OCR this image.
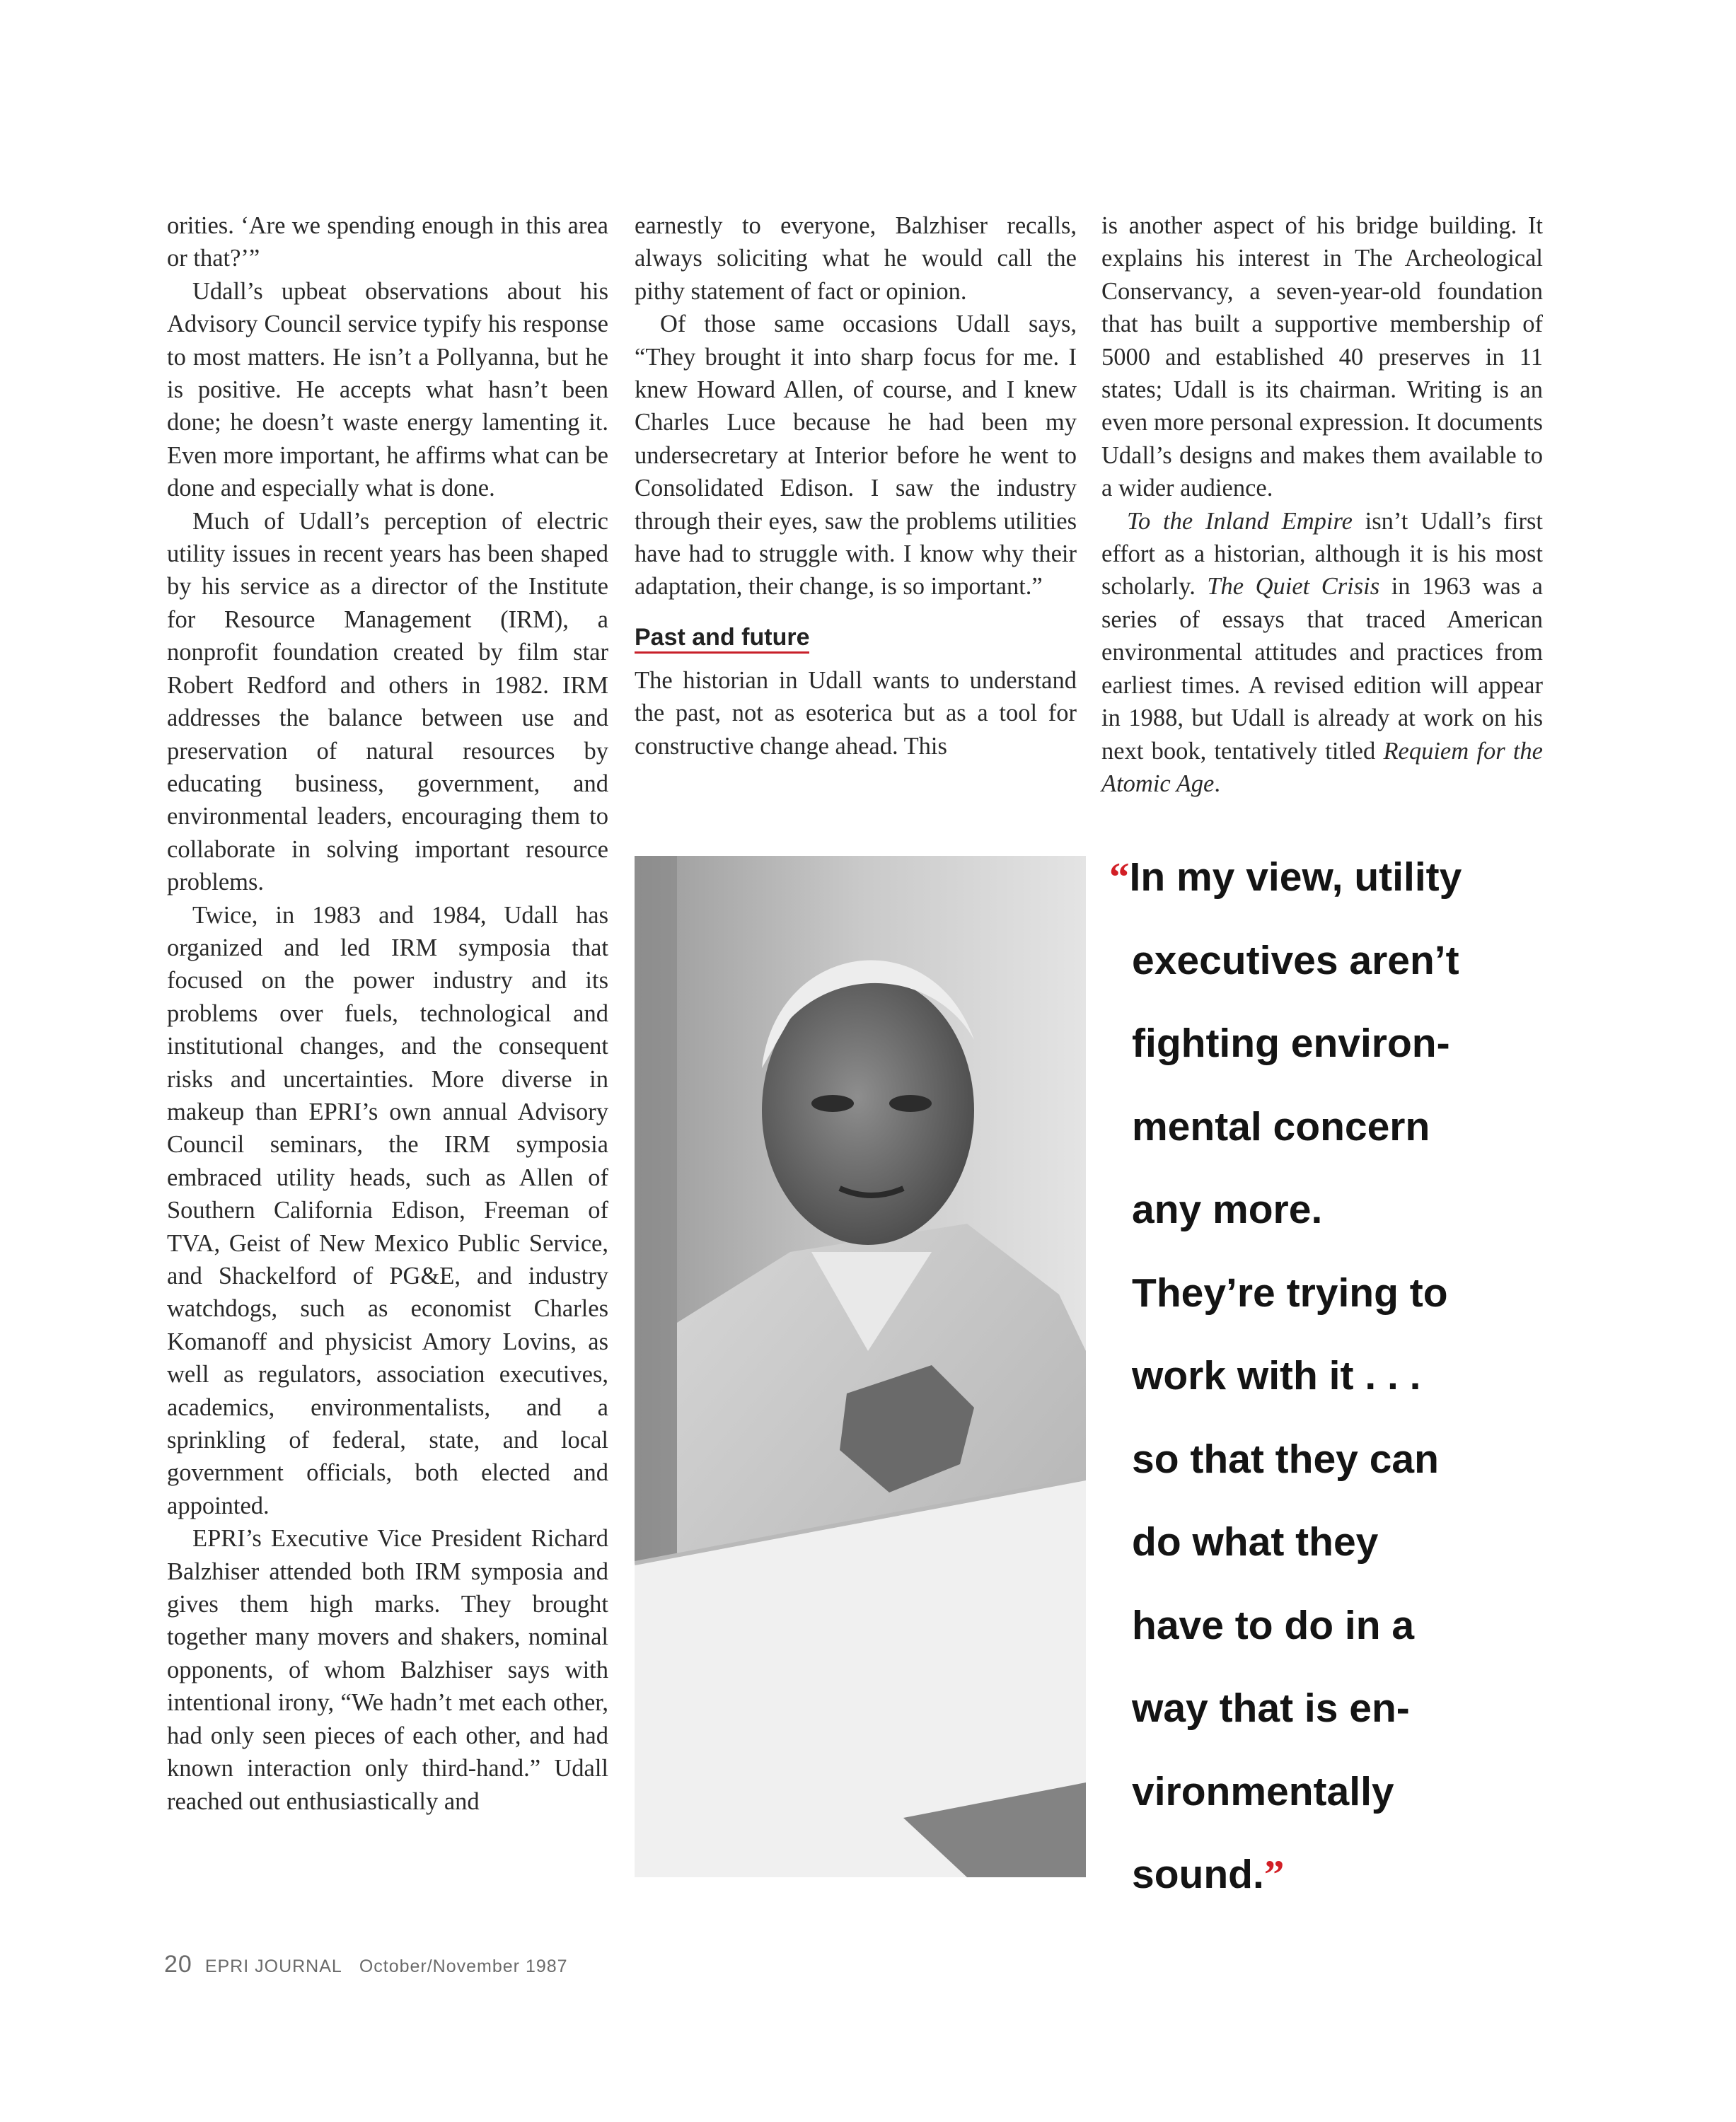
orities. ‘Are we spending enough in this area or that?’”

Udall’s upbeat observations about his Advisory Council service typify his response to most matters. He isn’t a Pollyanna, but he is positive. He accepts what hasn’t been done; he doesn’t waste energy lamenting it. Even more important, he affirms what can be done and especially what is done.

Much of Udall’s perception of electric utility issues in recent years has been shaped by his service as a director of the Institute for Resource Management (IRM), a nonprofit foundation created by film star Robert Redford and others in 1982. IRM addresses the balance between use and preservation of natural resources by educating business, government, and environmental leaders, encouraging them to collaborate in solving important resource problems.

Twice, in 1983 and 1984, Udall has organized and led IRM symposia that focused on the power industry and its problems over fuels, technological and institutional changes, and the consequent risks and uncertainties. More diverse in makeup than EPRI’s own annual Advisory Council seminars, the IRM symposia embraced utility heads, such as Allen of Southern California Edison, Freeman of TVA, Geist of New Mexico Public Service, and Shackelford of PG&E, and industry watchdogs, such as economist Charles Komanoff and physicist Amory Lovins, as well as regulators, association executives, academics, environmentalists, and a sprinkling of federal, state, and local government officials, both elected and appointed.

EPRI’s Executive Vice President Richard Balzhiser attended both IRM symposia and gives them high marks. They brought together many movers and shakers, nominal opponents, of whom Balzhiser says with intentional irony, “We hadn’t met each other, had only seen pieces of each other, and had known interaction only third-hand.” Udall reached out enthusiastically and

earnestly to everyone, Balzhiser recalls, always soliciting what he would call the pithy statement of fact or opinion.

Of those same occasions Udall says, “They brought it into sharp focus for me. I knew Howard Allen, of course, and I knew Charles Luce because he had been my undersecretary at Interior before he went to Consolidated Edison. I saw the industry through their eyes, saw the problems utilities have had to struggle with. I know why their adaptation, their change, is so important.”

Past and future

The historian in Udall wants to understand the past, not as esoterica but as a tool for constructive change ahead. This

is another aspect of his bridge building. It explains his interest in The Archeological Conservancy, a seven-year-old foundation that has built a supportive membership of 5000 and established 40 preserves in 11 states; Udall is its chairman. Writing is an even more personal expression. It documents Udall’s designs and makes them available to a wider audience.

To the Inland Empire isn’t Udall’s first effort as a historian, although it is his most scholarly. The Quiet Crisis in 1963 was a series of essays that traced American environmental attitudes and practices from earliest times. A revised edition will appear in 1988, but Udall is already at work on his next book, tentatively titled Requiem for the Atomic Age.

“In my view, utility
executives aren’t
fighting environ-
mental concern
any more.
They’re trying to
work with it . . .
so that they can
do what they
have to do in a
way that is en-
vironmentally
sound.”
20 EPRI JOURNAL October/November 1987
